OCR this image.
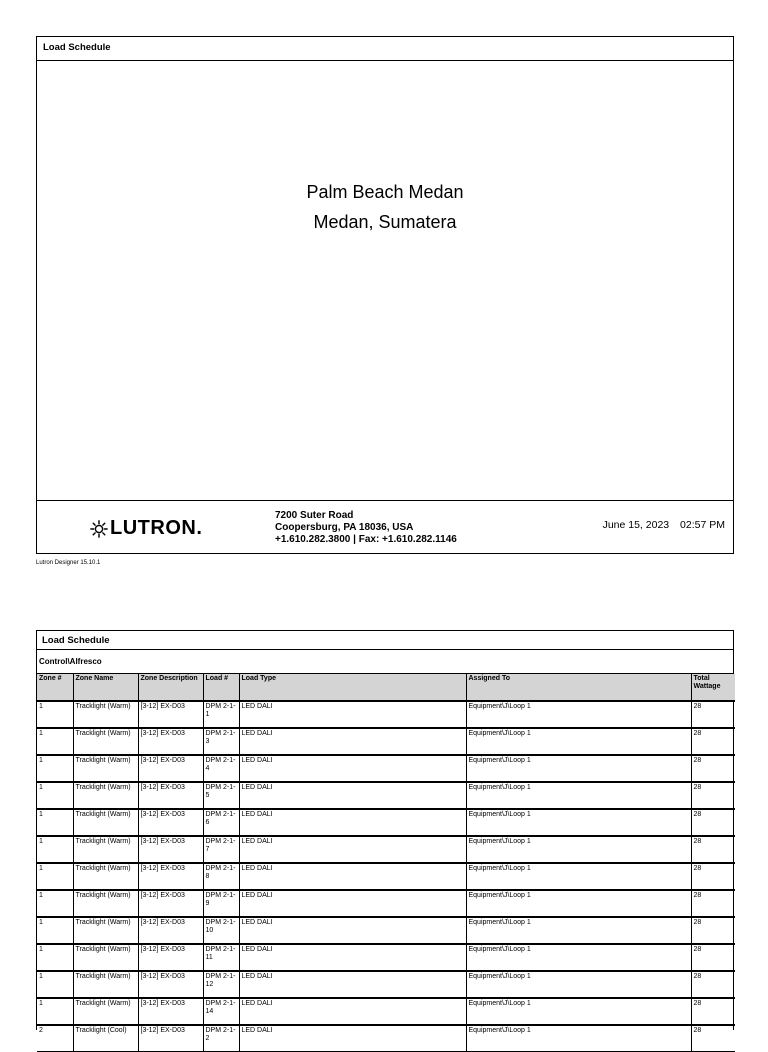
Load Schedule
Palm Beach Medan
Medan, Sumatera
LUTRON.
7200 Suter Road
Coopersburg, PA 18036, USA
+1.610.282.3800 | Fax: +1.610.282.1146
June 15, 2023 02:57 PM
Lutron Designer 15.10.1
Load Schedule
Control\Alfresco
Zone #	Zone Name	Zone Description	Load #	Load Type	Assigned To	Total Wattage
1	Tracklight (Warm)	[3-12] EX-D03	DPM 2-1-1	LED DALI	Equipment\J\Loop 1	28
1	Tracklight (Warm)	[3-12] EX-D03	DPM 2-1-3	LED DALI	Equipment\J\Loop 1	28
1	Tracklight (Warm)	[3-12] EX-D03	DPM 2-1-4	LED DALI	Equipment\J\Loop 1	28
1	Tracklight (Warm)	[3-12] EX-D03	DPM 2-1-5	LED DALI	Equipment\J\Loop 1	28
1	Tracklight (Warm)	[3-12] EX-D03	DPM 2-1-6	LED DALI	Equipment\J\Loop 1	28
1	Tracklight (Warm)	[3-12] EX-D03	DPM 2-1-7	LED DALI	Equipment\J\Loop 1	28
1	Tracklight (Warm)	[3-12] EX-D03	DPM 2-1-8	LED DALI	Equipment\J\Loop 1	28
1	Tracklight (Warm)	[3-12] EX-D03	DPM 2-1-9	LED DALI	Equipment\J\Loop 1	28
1	Tracklight (Warm)	[3-12] EX-D03	DPM 2-1-10	LED DALI	Equipment\J\Loop 1	28
1	Tracklight (Warm)	[3-12] EX-D03	DPM 2-1-11	LED DALI	Equipment\J\Loop 1	28
1	Tracklight (Warm)	[3-12] EX-D03	DPM 2-1-12	LED DALI	Equipment\J\Loop 1	28
1	Tracklight (Warm)	[3-12] EX-D03	DPM 2-1-14	LED DALI	Equipment\J\Loop 1	28
2	Tracklight (Cool)	[3-12] EX-D03	DPM 2-1-2	LED DALI	Equipment\J\Loop 1	28
